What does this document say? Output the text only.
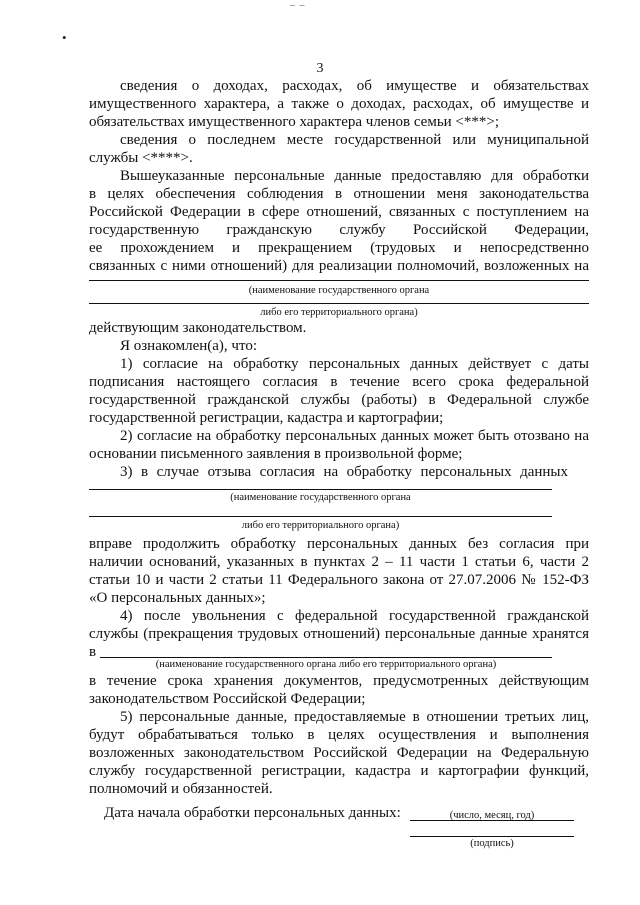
– –
•
3
сведения о доходах, расходах, об имуществе и обязательствах
имущественного характера, а также о доходах, расходах, об имуществе и
обязательствах имущественного характера членов семьи <***>;
сведения о последнем месте государственной или муниципальной
службы <****>.
Вышеуказанные персональные данные предоставляю для обработки
в целях обеспечения соблюдения в отношении меня законодательства
Российской Федерации в сфере отношений, связанных с поступлением на
государственную гражданскую службу Российской Федерации,
ее прохождением и прекращением (трудовых и непосредственно
связанных с ними отношений) для реализации полномочий, возложенных на
(наименование государственного органа
либо его территориального органа)
действующим законодательством.
Я ознакомлен(а), что:
1) согласие на обработку персональных данных действует с даты
подписания настоящего согласия в течение всего срока федеральной
государственной гражданской службы (работы) в Федеральной службе
государственной регистрации, кадастра и картографии;
2) согласие на обработку персональных данных может быть отозвано на
основании письменного заявления в произвольной форме;
3) в случае отзыва согласия на обработку персональных данных
(наименование государственного органа
либо его территориального органа)
вправе продолжить обработку персональных данных без согласия при
наличии оснований, указанных в пунктах 2 – 11 части 1 статьи 6, части 2
статьи 10 и части 2 статьи 11 Федерального закона от 27.07.2006 № 152-ФЗ
«О персональных данных»;
4) после увольнения с федеральной государственной гражданской
службы (прекращения трудовых отношений) персональные данные хранятся
в
(наименование государственного органа либо его территориального органа)
в течение срока хранения документов, предусмотренных действующим
законодательством Российской Федерации;
5) персональные данные, предоставляемые в отношении третьих лиц,
будут обрабатываться только в целях осуществления и выполнения
возложенных законодательством Российской Федерации на Федеральную
службу государственной регистрации, кадастра и картографии функций,
полномочий и обязанностей.
Дата начала обработки персональных данных:	(число, месяц, год)
(подпись)
